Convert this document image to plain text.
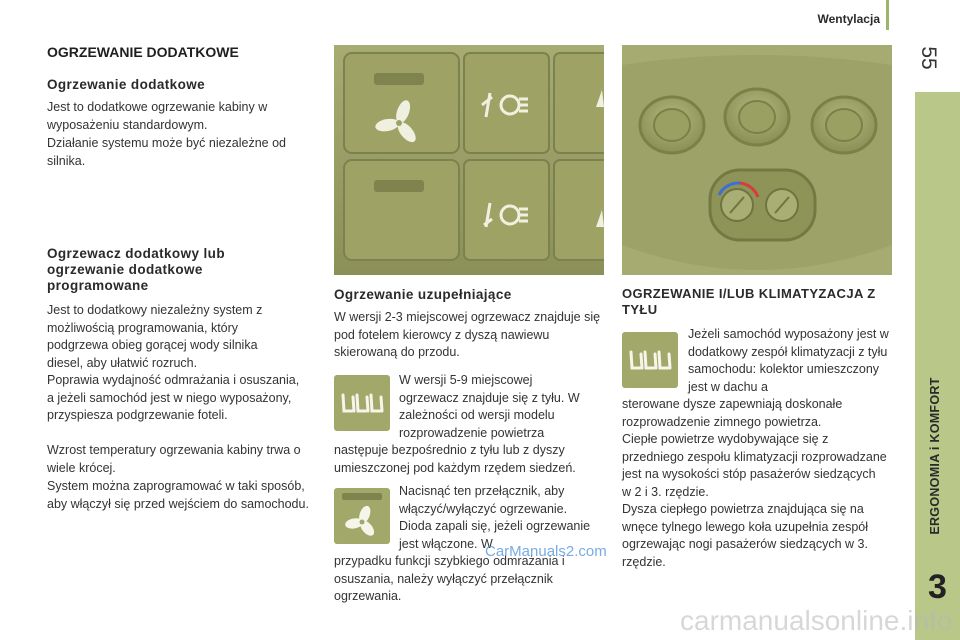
Wentylacja
55
ERGONOMIA i KOMFORT
3
OGRZEWANIE DODATKOWE
Ogrzewanie dodatkowe

Jest to dodatkowe ogrzewanie kabiny w wyposażeniu standardowym.

Działanie systemu może być niezależne od silnika.

Ogrzewacz dodatkowy lub ogrzewanie dodatkowe programowane

Jest to dodatkowy niezależny system z możliwością programowania, który podgrzewa obieg gorącej wody silnika diesel, aby ułatwić rozruch.

Poprawia wydajność odmrażania i osuszania, a jeżeli samochód jest w niego wyposażony, przyspiesza podgrzewanie foteli.

Wzrost temperatury ogrzewania kabiny trwa o wiele krócej.

System można zaprogramować w taki sposób, aby włączył się przed wejściem do samochodu.

Ogrzewanie uzupełniające

W wersji 2-3 miejscowej ogrzewacz znajduje się pod fotelem kierowcy z dyszą nawiewu skierowaną do przodu.

W wersji 5-9 miejscowej ogrzewacz znajduje się z tyłu. W zależności od wersji modelu rozprowadzenie powietrza

następuje bezpośrednio z tyłu lub z dyszy umieszczonej pod każdym rzędem siedzeń.

Nacisnąć ten przełącznik, aby włączyć/wyłączyć ogrzewanie. Dioda zapali się, jeżeli ogrzewanie jest włączone. W

przypadku funkcji szybkiego odmrażania i osuszania, należy wyłączyć przełącznik ogrzewania.

OGRZEWANIE I/LUB KLIMATYZACJA Z TYŁU

Jeżeli samochód wyposażony jest w dodatkowy zespół klimatyzacji z tyłu samochodu: kolektor umieszczony jest w dachu a

sterowane dysze zapewniają doskonałe rozprowadzenie zimnego powietrza.

Ciepłe powietrze wydobywające się z przedniego zespołu klimatyzacji rozprowadzane jest na wysokości stóp pasażerów siedzących w 2 i 3. rzędzie.

Dysza ciepłego powietrza znajdująca się na wnęce tylnego lewego koła uzupełnia zespół ogrzewając nogi pasażerów siedzących w 3. rzędzie.

CarManuals2.com
carmanualsonline.info
